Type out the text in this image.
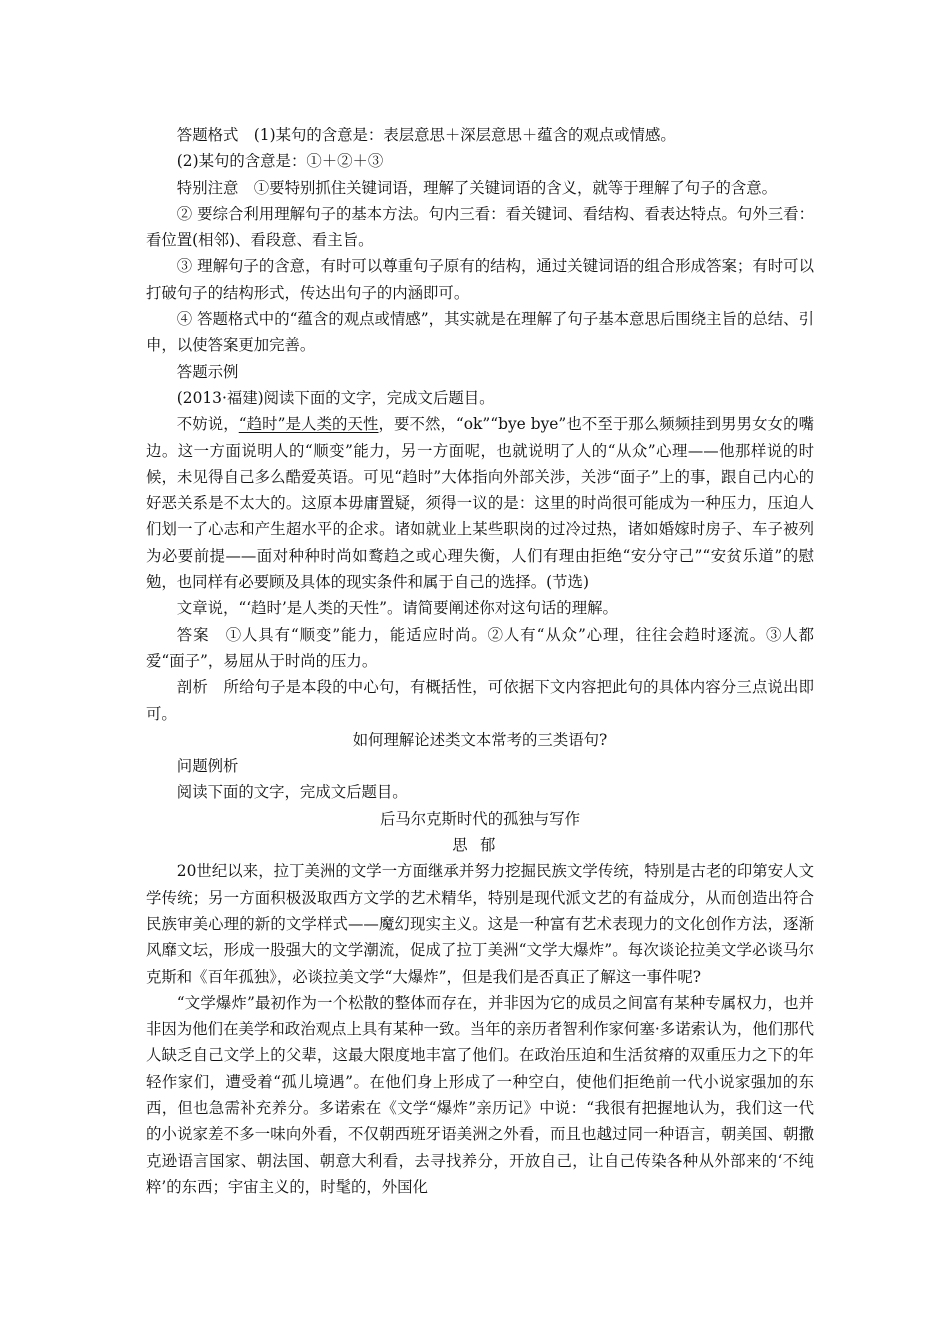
答题格式　 (1)某句的含意是：表层意思＋深层意思＋蕴含的观点或情感。

(2)某句的含意是：①＋②＋③

特别注意　 ①要特别抓住关键词语，理解了关键词语的含义，就等于理解了句子的含意。

② 要综合利用理解句子的基本方法。句内三看：看关键词、看结构、看表达特点。句外三看：看位置(相邻)、看段意、看主旨。

③ 理解句子的含意，有时可以尊重句子原有的结构，通过关键词语的组合形成答案；有时可以打破句子的结构形式，传达出句子的内涵即可。

④ 答题格式中的“蕴含的观点或情感”，其实就是在理解了句子基本意思后围绕主旨的总结、引申，以使答案更加完善。

答题示例

(2013·福建)阅读下面的文字，完成文后题目。

不妨说，“趋时”是人类的天性，要不然，“ok”“bye bye”也不至于那么频频挂到男男女女的嘴边。这一方面说明人的“顺变”能力，另一方面呢，也就说明了人的“从众”心理——他那样说的时候，未见得自己多么酷爱英语。可见“趋时”大体指向外部关涉，关涉“面子”上的事，跟自己内心的好恶关系是不太大的。这原本毋庸置疑，须得一议的是：这里的时尚很可能成为一种压力，压迫人们划一了心志和产生超水平的企求。诸如就业上某些职岗的过冷过热，诸如婚嫁时房子、车子被列为必要前提——面对种种时尚如鹜趋之或心理失衡，人们有理由拒绝“安分守己”“安贫乐道”的慰勉，也同样有必要顾及具体的现实条件和属于自己的选择。(节选)

文章说，“‘趋时’是人类的天性”。请简要阐述你对这句话的理解。

答案　 ①人具有“顺变”能力，能适应时尚。②人有“从众”心理，往往会趋时逐流。③人都爱“面子”，易屈从于时尚的压力。

剖析　 所给句子是本段的中心句，有概括性，可依据下文内容把此句的具体内容分三点说出即可。

如何理解论述类文本常考的三类语句?

问题例析

阅读下面的文字，完成文后题目。

后马尔克斯时代的孤独与写作

思郁

20世纪以来，拉丁美洲的文学一方面继承并努力挖掘民族文学传统，特别是古老的印第安人文学传统；另一方面积极汲取西方文学的艺术精华，特别是现代派文艺的有益成分，从而创造出符合民族审美心理的新的文学样式——魔幻现实主义。这是一种富有艺术表现力的文化创作方法，逐渐风靡文坛，形成一股强大的文学潮流，促成了拉丁美洲“文学大爆炸”。每次谈论拉美文学必谈马尔克斯和《百年孤独》，必谈拉美文学“大爆炸”，但是我们是否真正了解这一事件呢?

“文学爆炸”最初作为一个松散的整体而存在，并非因为它的成员之间富有某种专属权力，也并非因为他们在美学和政治观点上具有某种一致。当年的亲历者智利作家何塞·多诺索认为，他们那代人缺乏自己文学上的父辈，这最大限度地丰富了他们。在政治压迫和生活贫瘠的双重压力之下的年轻作家们，遭受着“孤儿境遇”。在他们身上形成了一种空白，使他们拒绝前一代小说家强加的东西，但也急需补充养分。多诺索在《文学“爆炸”亲历记》中说：“我很有把握地认为，我们这一代的小说家差不多一味向外看，不仅朝西班牙语美洲之外看，而且也越过同一种语言，朝美国、朝撒克逊语言国家、朝法国、朝意大利看，去寻找养分，开放自己，让自己传染各种从外部来的‘不纯粹’的东西；宇宙主义的，时髦的，外国化
